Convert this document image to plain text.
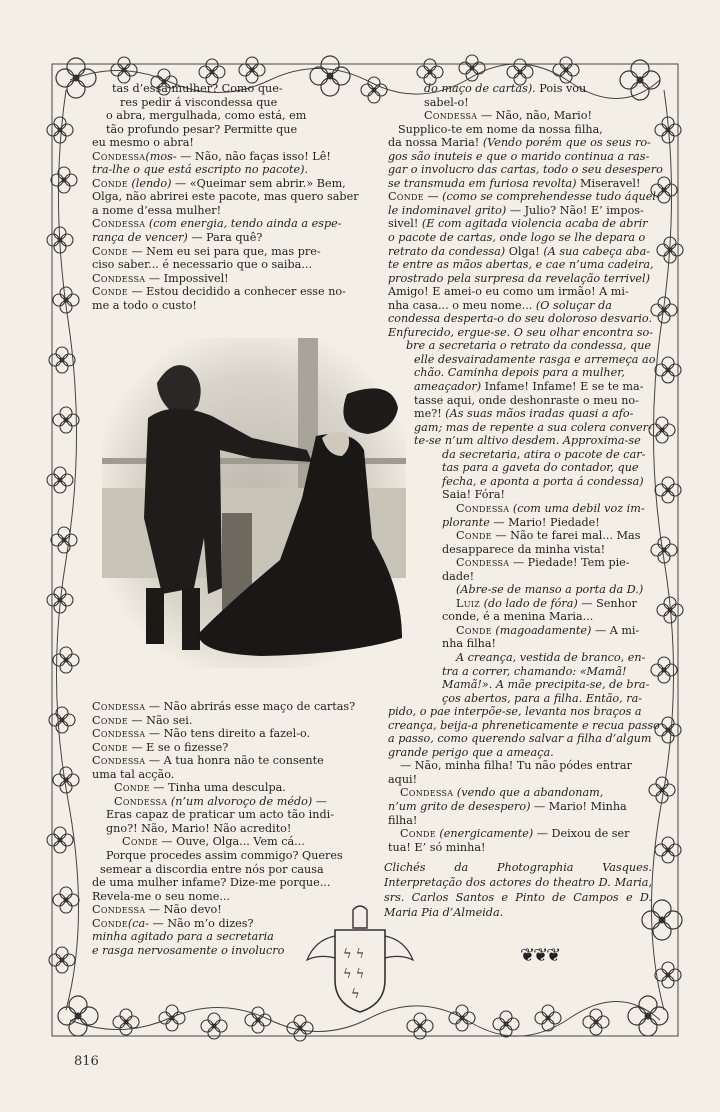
tas d’essa mulher? Como que-
res pedir á viscondessa que
o abra, mergulhada, como está, em
tão profundo pesar? Permitte que
eu mesmo o abra!
Condessa(mos- — Não, não faças isso! Lê!
tra-lhe o que está escripto no pacote).
Conde (lendo) — «Queimar sem abrir.» Bem,
Olga, não abrirei este pacote, mas quero saber
a nome d’essa mulher!
Condessa (com energia, tendo ainda a espe-
rança de vencer) — Para quê?
Conde — Nem eu sei para que, mas pre-
ciso saber... é necessario que o saiba...
Condessa — Impossivel!
Conde — Estou decidido a conhecer esse no-
me a todo o custo!
Condessa — Não abrirás esse maço de cartas?
Conde — Não sei.
Condessa — Não tens direito a fazel-o.
Conde — E se o fizesse?
Condessa — A tua honra não te consente
uma tal acção.
Conde — Tinha uma desculpa.
Condessa (n’um alvoroço de médo) —
Eras capaz de praticar um acto tão indi-
gno?! Não, Mario! Não acredito!
Conde — Ouve, Olga... Vem cá...
Porque procedes assim commigo? Queres
semear a discordia entre nós por causa
de uma mulher infame? Dize-me porque...
Revela-me o seu nome...
Condessa — Não devo!
Conde(ca- — Não m’o dizes?
minha agitado para a secretaria
e rasga nervosamente o involucro
do maço de cartas). Pois vou
sabel-o!
Condessa — Não, não, Mario!
Supplico-te em nome da nossa filha,
da nossa Maria! (Vendo porém que os seus ro-
gos são inuteis e que o marido continua a ras-
gar o involucro das cartas, todo o seu desespero
se transmuda em furiosa revolta) Miseravel!
Conde — (como se comprehendesse tudo áquel-
le indominavel grito) — Julio? Não! E’ impos-
sivel! (E com agitada violencia acaba de abrir
o pacote de cartas, onde logo se lhe depara o
retrato da condessa) Olga! (A sua cabeça aba-
te entre as mãos abertas, e cae n’uma cadeira,
prostrado pela surpresa da revelação terrivel)
Amigo! E amei-o eu como um irmão! A mi-
nha casa... o meu nome... (O soluçar da
condessa desperta-o do seu doloroso desvario.
Enfurecido, ergue-se. O seu olhar encontra so-
bre a secretaria o retrato da condessa, que
elle desvairadamente rasga e arremeça ao
chão. Caminha depois para a mulher,
ameaçador) Infame! Infame! E se te ma-
tasse aqui, onde deshonraste o meu no-
me?! (As suas mãos iradas quasi a afo-
gam; mas de repente a sua colera conver-
te-se n’um altivo desdem. Approxima-se
da secretaria, atira o pacote de car-
tas para a gaveta do contador, que
fecha, e aponta a porta á condessa)
Saia! Fóra!
Condessa (com uma debil voz im-
plorante — Mario! Piedade!
Conde — Não te farei mal... Mas
desapparece da minha vista!
Condessa — Piedade! Tem pie-
dade!
(Abre-se de manso a porta da D.)
Luiz (do lado de fóra) — Senhor
conde, é a menina Maria...
Conde (magoadamente) — A mi-
nha filha!
A creança, vestida de branco, en-
tra a correr, chamando: «Mamã!
Mamã!». A mãe precipita-se, de bra-
ços abertos, para a filha. Então, ra-
pido, o pae interpõe-se, levanta nos braços a
creança, beija-a phreneticamente e recua passo
a passo, como querendo salvar a filha d’algum
grande perigo que a ameaça.
— Não, minha filha! Tu não pódes entrar
aqui!
Condessa (vendo que a abandonam,
n’um grito de desespero) — Mario! Minha
filha!
Conde (energicamente) — Deixou de ser
tua! E’ só minha!
Clichés da Photographia Vasques. Interpretação dos actores do theatro D. Maria, srs. Carlos Santos e Pinto de Campos e D. Maria Pia d’Almeida.
ϟ ϟ
ϟ ϟ
ϟ
❦❦❦
816
